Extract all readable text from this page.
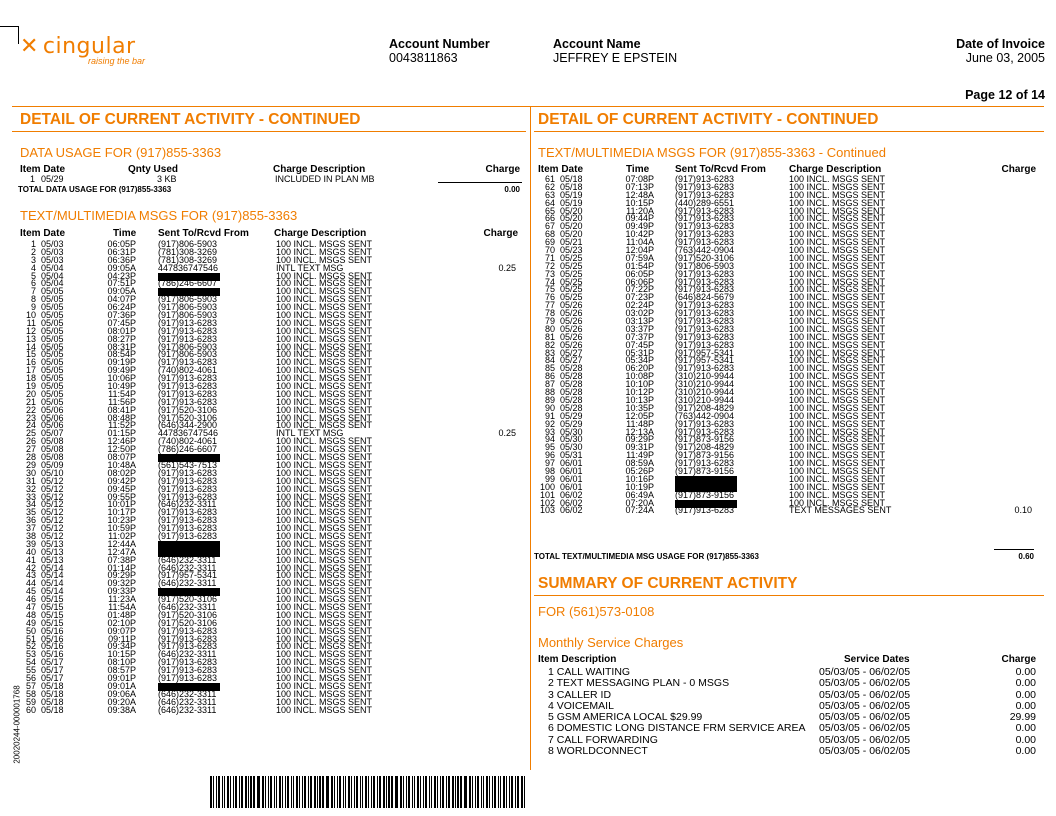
✕ cingular
raising the bar
Account Number
0043811863
Account Name
JEFFREY E EPSTEIN
Date of Invoice
June 03, 2005
Page 12 of 14
DETAIL OF CURRENT ACTIVITY - CONTINUED
DATA USAGE FOR (917)855-3363
Item Date	Qnty Used	Charge Description	Charge
1 05/29	3 KB	INCLUDED IN PLAN MB
TOTAL DATA USAGE FOR (917)855-3363	0.00
TEXT/MULTIMEDIA MSGS FOR (917)855-3363
Item Date	Time Sent To/Rcvd From	Charge Description	Charge
1 05/03	06:05P (917)806-5903	100 INCL. MSGS SENT
2 05/03	06:31P (781)308-3269	100 INCL. MSGS SENT
3 05/03	06:36P (781)308-3269	100 INCL. MSGS SENT
4 05/04	09:05A 447836747546	INTL TEXT MSG	0.25
5 05/04	04:23P	100 INCL. MSGS SENT
6 05/04	07:51P (786)246-6607	100 INCL. MSGS SENT
7 05/05	09:05A	100 INCL. MSGS SENT
8 05/05	04:07P (917)806-5903	100 INCL. MSGS SENT
9 05/05	06:24P (917)806-5903	100 INCL. MSGS SENT
10 05/05	07:36P (917)806-5903	100 INCL. MSGS SENT
11 05/05	07:45P (917)913-6283	100 INCL. MSGS SENT
12 05/05	08:01P (917)913-6283	100 INCL. MSGS SENT
13 05/05	08:27P (917)913-6283	100 INCL. MSGS SENT
14 05/05	08:31P (917)806-5903	100 INCL. MSGS SENT
15 05/05	08:54P (917)806-5903	100 INCL. MSGS SENT
16 05/05	09:19P (917)913-6283	100 INCL. MSGS SENT
17 05/05	09:49P (740)802-4061	100 INCL. MSGS SENT
18 05/05	10:06P (917)913-6283	100 INCL. MSGS SENT
19 05/05	10:49P (917)913-6283	100 INCL. MSGS SENT
20 05/05	11:54P (917)913-6283	100 INCL. MSGS SENT
21 05/05	11:56P (917)913-6283	100 INCL. MSGS SENT
22 05/06	08:41P (917)520-3106	100 INCL. MSGS SENT
23 05/06	08:48P (917)520-3106	100 INCL. MSGS SENT
24 05/06	11:52P (646)344-2900	100 INCL. MSGS SENT
25 05/07	01:15P 447836747546	INTL TEXT MSG	0.25
26 05/08	12:46P (740)802-4061	100 INCL. MSGS SENT
27 05/08	12:50P (786)246-6607	100 INCL. MSGS SENT
28 05/08	08:07P	100 INCL. MSGS SENT
29 05/09	10:48A (561)543-7513	100 INCL. MSGS SENT
30 05/10	08:02P (917)913-6283	100 INCL. MSGS SENT
31 05/12	09:42P (917)913-6283	100 INCL. MSGS SENT
32 05/12	09:45P (917)913-6283	100 INCL. MSGS SENT
33 05/12	09:55P (917)913-6283	100 INCL. MSGS SENT
34 05/12	10:01P (646)232-3311	100 INCL. MSGS SENT
35 05/12	10:17P (917)913-6283	100 INCL. MSGS SENT
36 05/12	10:23P (917)913-6283	100 INCL. MSGS SENT
37 05/12	10:59P (917)913-6283	100 INCL. MSGS SENT
38 05/12	11:02P (917)913-6283	100 INCL. MSGS SENT
39 05/13	12:44A	100 INCL. MSGS SENT
40 05/13	12:47A	100 INCL. MSGS SENT
41 05/13	07:38P (646)232-3311	100 INCL. MSGS SENT
42 05/14	01:14P (646)232-3311	100 INCL. MSGS SENT
43 05/14	09:29P (917)957-5341	100 INCL. MSGS SENT
44 05/14	09:32P (646)232-3311	100 INCL. MSGS SENT
45 05/14	09:33P	100 INCL. MSGS SENT
46 05/15	11:23A (917)520-3106	100 INCL. MSGS SENT
47 05/15	11:54A (646)232-3311	100 INCL. MSGS SENT
48 05/15	01:48P (917)520-3106	100 INCL. MSGS SENT
49 05/15	02:10P (917)520-3106	100 INCL. MSGS SENT
50 05/16	09:07P (917)913-6283	100 INCL. MSGS SENT
51 05/16	09:11P (917)913-6283	100 INCL. MSGS SENT
52 05/16	09:34P (917)913-6283	100 INCL. MSGS SENT
53 05/16	10:15P (646)232-3311	100 INCL. MSGS SENT
54 05/17	08:10P (917)913-6283	100 INCL. MSGS SENT
55 05/17	08:57P (917)913-6283	100 INCL. MSGS SENT
56 05/17	09:01P (917)913-6283	100 INCL. MSGS SENT
57 05/18	09:01A	100 INCL. MSGS SENT
58 05/18	09:06A (646)232-3311	100 INCL. MSGS SENT
59 05/18	09:20A (646)232-3311	100 INCL. MSGS SENT
60 05/18	09:38A (646)232-3311	100 INCL. MSGS SENT
DETAIL OF CURRENT ACTIVITY - CONTINUED
TEXT/MULTIMEDIA MSGS FOR (917)855-3363 - Continued
Item Date	Time	Sent To/Rcvd From Charge Description	Charge
61 05/18	07:08P (917)913-6283	100 INCL. MSGS SENT
62 05/18	07:13P (917)913-6283	100 INCL. MSGS SENT
63 05/19	12:48A (917)913-6283	100 INCL. MSGS SENT
64 05/19	10:15P (440)289-6551	100 INCL. MSGS SENT
65 05/20	11:20A (917)913-6283	100 INCL. MSGS SENT
66 05/20	09:44P (917)913-6283	100 INCL. MSGS SENT
67 05/20	09:49P (917)913-6283	100 INCL. MSGS SENT
68 05/20	10:42P (917)913-6283	100 INCL. MSGS SENT
69 05/21	11:04A (917)913-6283	100 INCL. MSGS SENT
70 05/23	12:04P (763)442-0904	100 INCL. MSGS SENT
71 05/25	07:59A (917)520-3106	100 INCL. MSGS SENT
72 05/25	01:54P (917)806-5903	100 INCL. MSGS SENT
73 05/25	06:05P (917)913-6283	100 INCL. MSGS SENT
74 05/25	06:06P (917)913-6283	100 INCL. MSGS SENT
75 05/25	07:22P (917)913-6283	100 INCL. MSGS SENT
76 05/25	07:23P (646)824-5679	100 INCL. MSGS SENT
77 05/26	02:24P (917)913-6283	100 INCL. MSGS SENT
78 05/26	03:02P (917)913-6283	100 INCL. MSGS SENT
79 05/26	03:13P (917)913-6283	100 INCL. MSGS SENT
80 05/26	03:37P (917)913-6283	100 INCL. MSGS SENT
81 05/26	07:37P (917)913-6283	100 INCL. MSGS SENT
82 05/26	07:45P (917)913-6283	100 INCL. MSGS SENT
83 05/27	05:31P (917)957-5341	100 INCL. MSGS SENT
84 05/27	05:34P (917)957-5341	100 INCL. MSGS SENT
85 05/28	06:20P (917)913-6283	100 INCL. MSGS SENT
86 05/28	10:08P (310)210-9944	100 INCL. MSGS SENT
87 05/28	10:10P (310)210-9944	100 INCL. MSGS SENT
88 05/28	10:12P (310)210-9944	100 INCL. MSGS SENT
89 05/28	10:13P (310)210-9944	100 INCL. MSGS SENT
90 05/28	10:35P (917)208-4829	100 INCL. MSGS SENT
91 05/29	12:05P (763)442-0904	100 INCL. MSGS SENT
92 05/29	11:48P (917)913-6283	100 INCL. MSGS SENT
93 05/30	12:13A (917)913-6283	100 INCL. MSGS SENT
94 05/30	09:29P (917)873-9156	100 INCL. MSGS SENT
95 05/30	09:31P (917)208-4829	100 INCL. MSGS SENT
96 05/31	11:49P (917)873-9156	100 INCL. MSGS SENT
97 06/01	08:59A (917)913-6283	100 INCL. MSGS SENT
98 06/01	05:26P (917)873-9156	100 INCL. MSGS SENT
99 06/01	10:16P	100 INCL. MSGS SENT
100 06/01	10:19P	100 INCL. MSGS SENT
101 06/02	06:49A (917)873-9156	100 INCL. MSGS SENT
102 06/02	07:20A	100 INCL. MSGS SENT
103 06/02	07:24A (917)913-6283	TEXT MESSAGES SENT	0.10
TOTAL TEXT/MULTIMEDIA MSG USAGE FOR (917)855-3363	0.60
SUMMARY OF CURRENT ACTIVITY
FOR (561)573-0108
Monthly Service Charges
Item Description	Service Dates	Charge
1 CALL WAITING	05/03/05 - 06/02/05	0.00
2 TEXT MESSAGING PLAN - 0 MSGS	05/03/05 - 06/02/05	0.00
3 CALLER ID	05/03/05 - 06/02/05	0.00
4 VOICEMAIL	05/03/05 - 06/02/05	0.00
5 GSM AMERICA LOCAL $29.99	05/03/05 - 06/02/05	29.99
6 DOMESTIC LONG DISTANCE FRM SERVICE AREA 05/03/05 - 06/02/05	0.00
7 CALL FORWARDING	05/03/05 - 06/02/05	0.00
8 WORLDCONNECT	05/03/05 - 06/02/05	0.00
20020244-000001768
